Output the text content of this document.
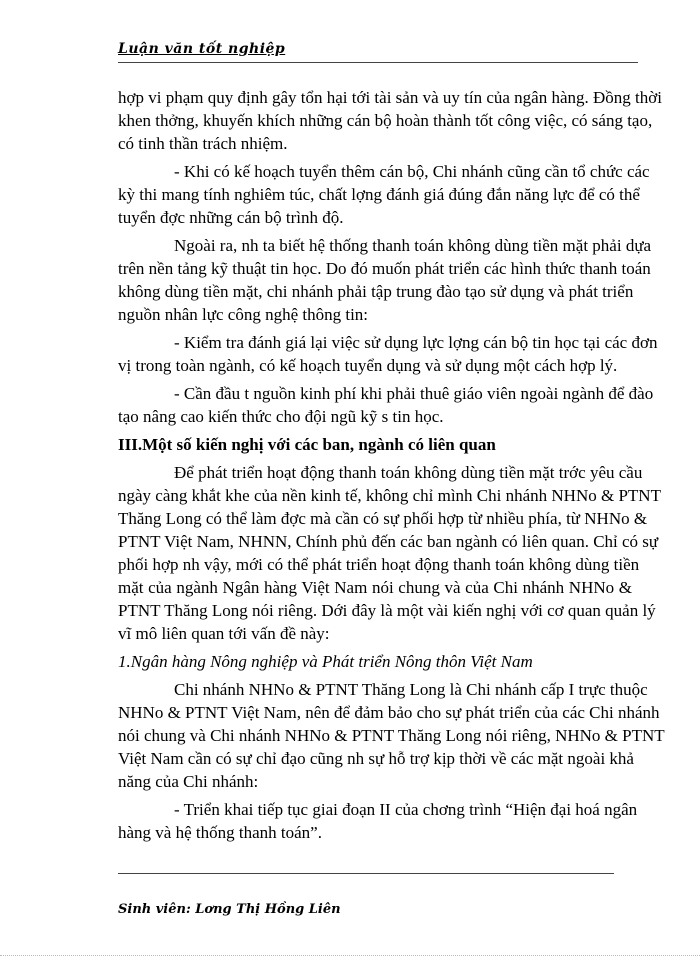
Luận văn tốt nghiệp
hợp vi phạm quy định gây tổn hại tới tài sản và uy tín của ngân hàng. Đồng thời
khen thởng, khuyến khích những cán bộ hoàn thành tốt công việc, có sáng tạo,
có tinh thần trách nhiệm.
- Khi có kế hoạch tuyển thêm cán bộ, Chi nhánh cũng cần tổ chức các
kỳ thi mang tính nghiêm túc, chất lợng đánh giá đúng đắn năng lực để có thể
tuyển đợc những cán bộ trình độ.
Ngoài ra, nh ta biết hệ thống thanh toán không dùng tiền mặt phải dựa
trên nền tảng kỹ thuật tin học. Do đó muốn phát triển các hình thức thanh toán
không dùng tiền mặt, chi nhánh phải tập trung đào tạo sử dụng và phát triển
nguồn nhân lực công nghệ thông tin:
- Kiểm tra đánh giá lại việc sử dụng lực lợng cán bộ tin học tại các đơn
vị trong toàn ngành, có kế hoạch tuyển dụng và sử dụng một cách hợp lý.
- Cần đầu t nguồn kinh phí khi phải thuê giáo viên ngoài ngành để đào
tạo nâng cao kiến thức cho đội ngũ kỹ s tin học.
III.Một số kiến nghị với các ban, ngành có liên quan
Để phát triển hoạt động thanh toán không dùng tiền mặt trớc yêu cầu
ngày càng khắt khe của nền kinh tế, không chỉ mình Chi nhánh NHNo & PTNT
Thăng Long có thể làm đợc mà cần có sự phối hợp từ nhiều phía, từ NHNo &
PTNT Việt Nam, NHNN, Chính phủ đến các ban ngành có liên quan. Chỉ có sự
phối hợp nh vậy, mới có thể phát triển hoạt động thanh toán không dùng tiền
mặt của ngành Ngân hàng Việt Nam nói chung và của Chi nhánh NHNo &
PTNT Thăng Long nói riêng. Dới đây là một vài kiến nghị với cơ quan quản lý
vĩ mô liên quan tới vấn đề này:
1.Ngân hàng Nông nghiệp và Phát triển Nông thôn Việt Nam
Chi nhánh NHNo & PTNT Thăng Long là Chi nhánh cấp I trực thuộc
NHNo & PTNT Việt Nam, nên để đảm bảo cho sự phát triển của các Chi nhánh
nói chung và Chi nhánh NHNo & PTNT Thăng Long nói riêng, NHNo & PTNT
Việt Nam cần có sự chỉ đạo cũng nh sự hỗ trợ kịp thời về các mặt ngoài khả
năng của Chi nhánh:
- Triển khai tiếp tục giai đoạn II của chơng trình “Hiện đại hoá ngân
hàng và hệ thống thanh toán”.
Sinh viên: Lơng Thị Hồng Liên
